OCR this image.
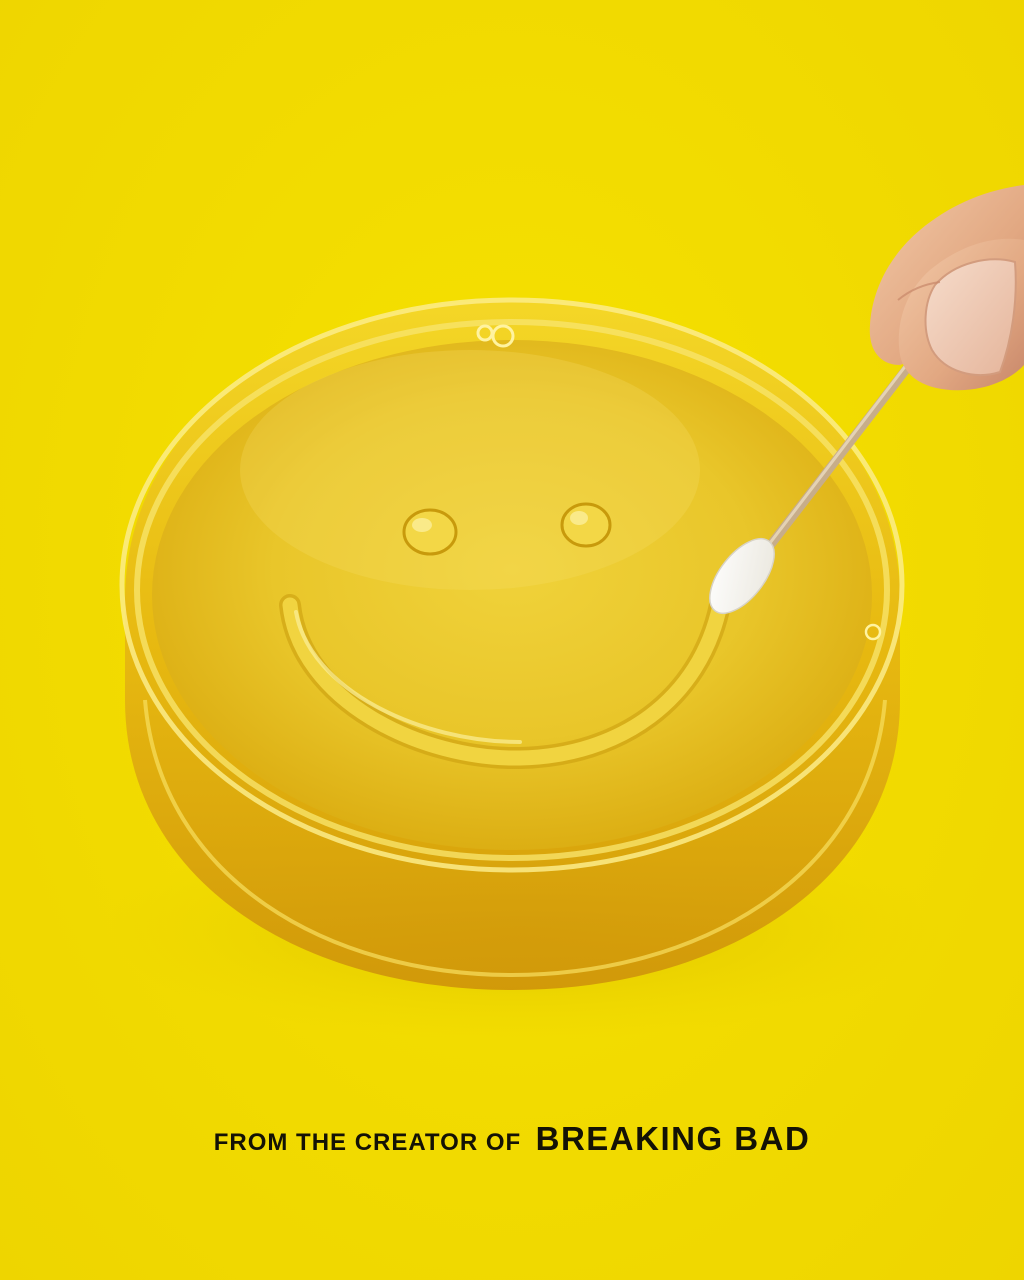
FROM THE CREATOR OF BREAKING BAD
